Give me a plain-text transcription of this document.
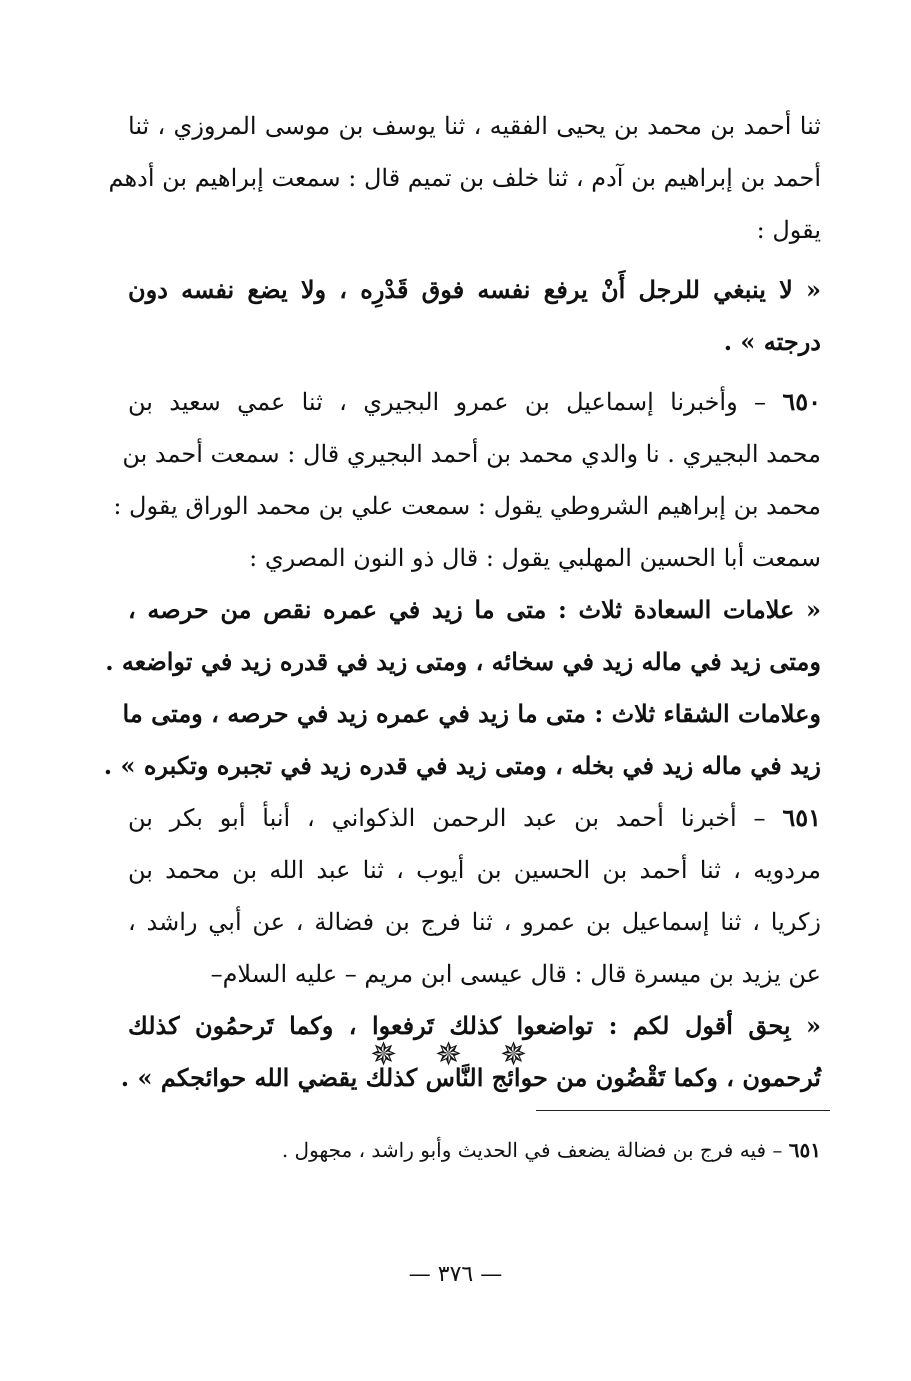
ثنا أحمد بن محمد بن يحيى الفقيه ، ثنا يوسف بن موسى المروزي ، ثنا
أحمد بن إبراهيم بن آدم ، ثنا خلف بن تميم قال : سمعت إبراهيم بن أدهم
يقول :
« لا ينبغي للرجل أَنْ يرفع نفسه فوق قَدْرِه ، ولا يضع نفسه دون
درجته » .
٦٥٠ – وأخبرنا إسماعيل بن عمرو البجيري ، ثنا عمي سعيد بن
محمد البجيري . نا والدي محمد بن أحمد البجيري قال : سمعت أحمد بن
محمد بن إبراهيم الشروطي يقول : سمعت علي بن محمد الوراق يقول :
سمعت أبا الحسين المهلبي يقول : قال ذو النون المصري :
« علامات السعادة ثلاث : متى ما زيد في عمره نقص من حرصه ،
ومتى زيد في ماله زيد في سخائه ، ومتى زيد في قدره زيد في تواضعه .
وعلامات الشقاء ثلاث : متى ما زيد في عمره زيد في حرصه ، ومتى ما
زيد في ماله زيد في بخله ، ومتى زيد في قدره زيد في تجبره وتكبره » .
٦٥١ – أخبرنا أحمد بن عبد الرحمن الذكواني ، أنبأ أبو بكر بن
مردويه ، ثنا أحمد بن الحسين بن أيوب ، ثنا عبد الله بن محمد بن
زكريا ، ثنا إسماعيل بن عمرو ، ثنا فرج بن فضالة ، عن أبي راشد ،
عن يزيد بن ميسرة قال : قال عيسى ابن مريم – عليه السلام–
« بِحق أقول لكم : تواضعوا كذلك تَرفعوا ، وكما تَرحمُون كذلك
تُرحمون ، وكما تَقْضُون من حوائج النَّاس كذلك يقضي الله حوائجكم » .
✵ ✵ ✵
٦٥١ – فيه فرج بن فضالة يضعف في الحديث وأبو راشد ، مجهول .
— ٣٧٦ —
